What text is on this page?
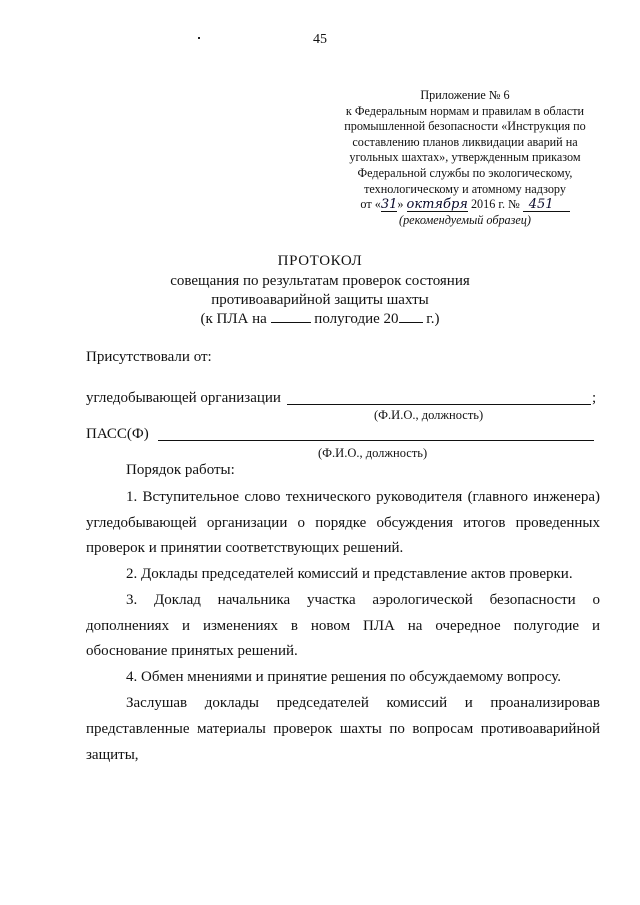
45
Приложение № 6
к Федеральным нормам и правилам в области
промышленной безопасности «Инструкция по
составлению планов ликвидации аварий на
угольных шахтах», утвержденным приказом
Федеральной службы по экологическому,
технологическому и атомному надзору
от «31» октября 2016 г. № 451
(рекомендуемый образец)
ПРОТОКОЛ
совещания по результатам проверок состояния
противоаварийной защиты шахты
(к ПЛА на	полугодие 20 г.)
Присутствовали от:
угледобывающей организации	;
(Ф.И.О., должность)
ПАСС(Ф)
(Ф.И.О., должность)
Порядок работы:
1. Вступительное слово технического руководителя (главного инженера)
угледобывающей организации о порядке обсуждения итогов проведенных
проверок и принятии соответствующих решений.
2. Доклады председателей комиссий и представление актов проверки.
3. Доклад начальника участка аэрологической безопасности о
дополнениях и изменениях в новом ПЛА на очередное полугодие и
обоснование принятых решений.
4. Обмен мнениями и принятие решения по обсуждаемому вопросу.
Заслушав доклады председателей комиссий и проанализировав
представленные материалы проверок шахты по вопросам противоаварийной
защиты,
